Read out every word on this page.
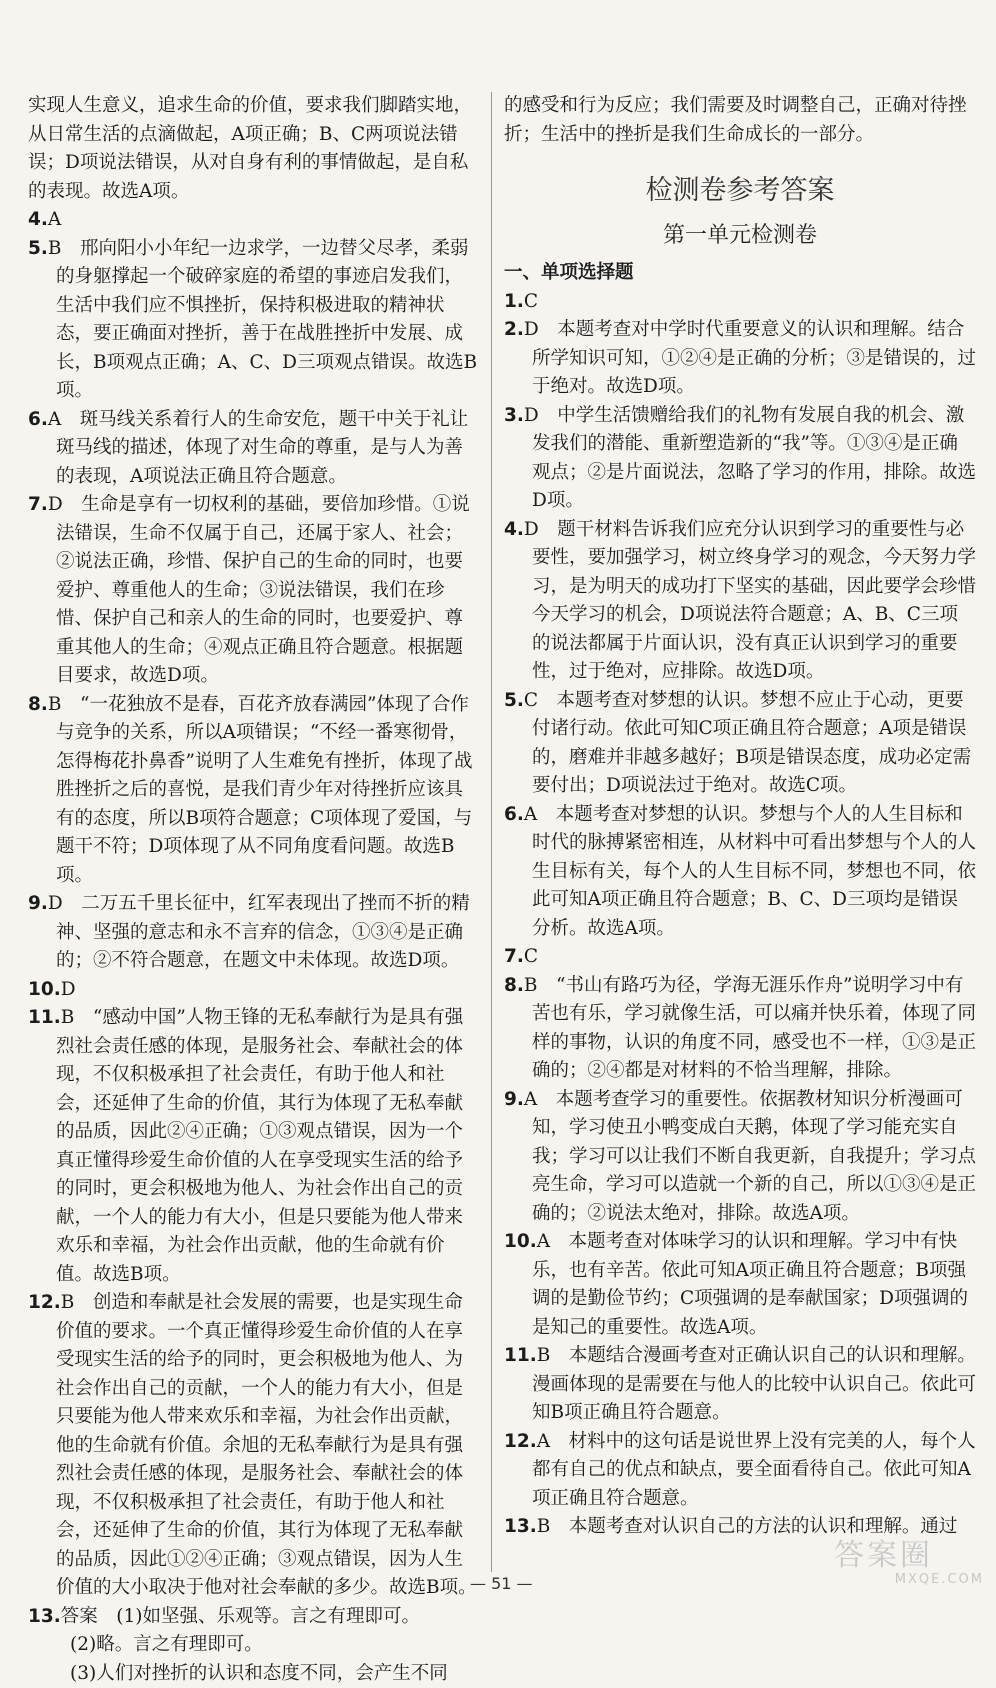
实现人生意义，追求生命的价值，要求我们脚踏实地，从日常生活的点滴做起，A项正确；B、C两项说法错误；D项说法错误，从对自身有利的事情做起，是自私的表现。故选A项。

4.A

5.B　邢向阳小小年纪一边求学，一边替父尽孝，柔弱的身躯撑起一个破碎家庭的希望的事迹启发我们，生活中我们应不惧挫折，保持积极进取的精神状态，要正确面对挫折，善于在战胜挫折中发展、成长，B项观点正确；A、C、D三项观点错误。故选B项。

6.A　斑马线关系着行人的生命安危，题干中关于礼让斑马线的描述，体现了对生命的尊重，是与人为善的表现，A项说法正确且符合题意。

7.D　生命是享有一切权利的基础，要倍加珍惜。①说法错误，生命不仅属于自己，还属于家人、社会；②说法正确，珍惜、保护自己的生命的同时，也要爱护、尊重他人的生命；③说法错误，我们在珍惜、保护自己和亲人的生命的同时，也要爱护、尊重其他人的生命；④观点正确且符合题意。根据题目要求，故选D项。

8.B　“一花独放不是春，百花齐放春满园”体现了合作与竞争的关系，所以A项错误；“不经一番寒彻骨，怎得梅花扑鼻香”说明了人生难免有挫折，体现了战胜挫折之后的喜悦，是我们青少年对待挫折应该具有的态度，所以B项符合题意；C项体现了爱国，与题干不符；D项体现了从不同角度看问题。故选B项。

9.D　二万五千里长征中，红军表现出了挫而不折的精神、坚强的意志和永不言弃的信念，①③④是正确的；②不符合题意，在题文中未体现。故选D项。

10.D

11.B　“感动中国”人物王锋的无私奉献行为是具有强烈社会责任感的体现，是服务社会、奉献社会的体现，不仅积极承担了社会责任，有助于他人和社会，还延伸了生命的价值，其行为体现了无私奉献的品质，因此②④正确；①③观点错误，因为一个真正懂得珍爱生命价值的人在享受现实生活的给予的同时，更会积极地为他人、为社会作出自己的贡献，一个人的能力有大小，但是只要能为他人带来欢乐和幸福，为社会作出贡献，他的生命就有价值。故选B项。

12.B　创造和奉献是社会发展的需要，也是实现生命价值的要求。一个真正懂得珍爱生命价值的人在享受现实生活的给予的同时，更会积极地为他人、为社会作出自己的贡献，一个人的能力有大小，但是只要能为他人带来欢乐和幸福，为社会作出贡献，他的生命就有价值。余旭的无私奉献行为是具有强烈社会责任感的体现，是服务社会、奉献社会的体现，不仅积极承担了社会责任，有助于他人和社会，还延伸了生命的价值，其行为体现了无私奉献的品质，因此①②④正确；③观点错误，因为人生价值的大小取决于他对社会奉献的多少。故选B项。

13.答案　(1)如坚强、乐观等。言之有理即可。

(2)略。言之有理即可。

(3)人们对挫折的认识和态度不同，会产生不同

的感受和行为反应；我们需要及时调整自己，正确对待挫折；生活中的挫折是我们生命成长的一部分。

检测卷参考答案
第一单元检测卷

一、单项选择题

1.C

2.D　本题考查对中学时代重要意义的认识和理解。结合所学知识可知，①②④是正确的分析；③是错误的，过于绝对。故选D项。

3.D　中学生活馈赠给我们的礼物有发展自我的机会、激发我们的潜能、重新塑造新的“我”等。①③④是正确观点；②是片面说法，忽略了学习的作用，排除。故选D项。

4.D　题干材料告诉我们应充分认识到学习的重要性与必要性，要加强学习，树立终身学习的观念，今天努力学习，是为明天的成功打下坚实的基础，因此要学会珍惜今天学习的机会，D项说法符合题意；A、B、C三项的说法都属于片面认识，没有真正认识到学习的重要性，过于绝对，应排除。故选D项。

5.C　本题考查对梦想的认识。梦想不应止于心动，更要付诸行动。依此可知C项正确且符合题意；A项是错误的，磨难并非越多越好；B项是错误态度，成功必定需要付出；D项说法过于绝对。故选C项。

6.A　本题考查对梦想的认识。梦想与个人的人生目标和时代的脉搏紧密相连，从材料中可看出梦想与个人的人生目标有关，每个人的人生目标不同，梦想也不同，依此可知A项正确且符合题意；B、C、D三项均是错误分析。故选A项。

7.C

8.B　“书山有路巧为径，学海无涯乐作舟”说明学习中有苦也有乐，学习就像生活，可以痛并快乐着，体现了同样的事物，认识的角度不同，感受也不一样，①③是正确的；②④都是对材料的不恰当理解，排除。

9.A　本题考查学习的重要性。依据教材知识分析漫画可知，学习使丑小鸭变成白天鹅，体现了学习能充实自我；学习可以让我们不断自我更新，自我提升；学习点亮生命，学习可以造就一个新的自己，所以①③④是正确的；②说法太绝对，排除。故选A项。

10.A　本题考查对体味学习的认识和理解。学习中有快乐，也有辛苦。依此可知A项正确且符合题意；B项强调的是勤俭节约；C项强调的是奉献国家；D项强调的是知己的重要性。故选A项。

11.B　本题结合漫画考查对正确认识自己的认识和理解。漫画体现的是需要在与他人的比较中认识自己。依此可知B项正确且符合题意。

12.A　材料中的这句话是说世界上没有完美的人，每个人都有自己的优点和缺点，要全面看待自己。依此可知A项正确且符合题意。

13.B　本题考查对认识自己的方法的认识和理解。通过

— 51 —
答案圈
MXQE.COM
